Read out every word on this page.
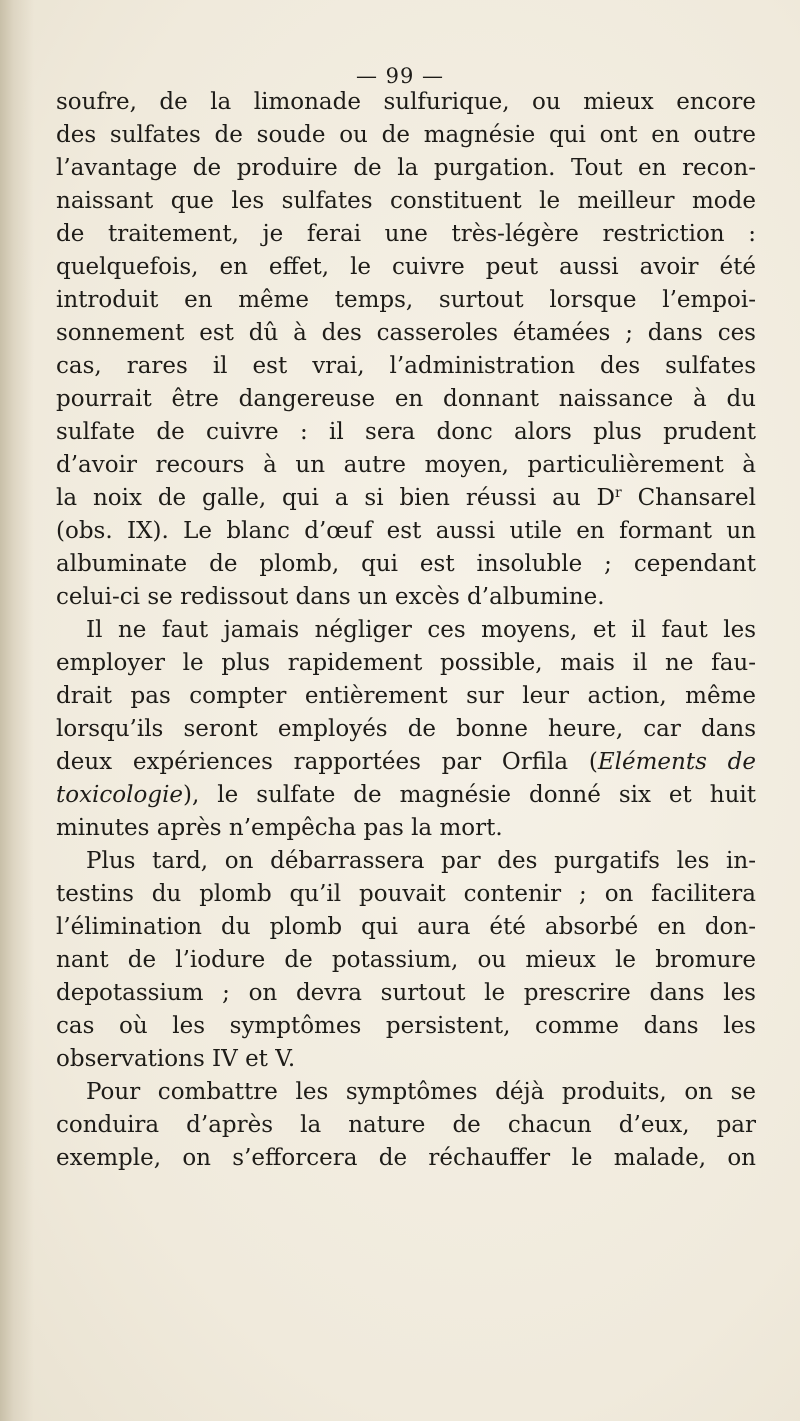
— 99 —

soufre, de la limonade sulfurique, ou mieux encore
des sulfates de soude ou de magnésie qui ont en outre
l’avantage de produire de la purgation. Tout en recon-
naissant que les sulfates constituent le meilleur mode
de traitement, je ferai une très-légère restriction :
quelquefois, en effet, le cuivre peut aussi avoir été
introduit en même temps, surtout lorsque l’empoi-
sonnement est dû à des casseroles étamées ; dans ces
cas, rares il est vrai, l’administration des sulfates
pourrait être dangereuse en donnant naissance à du
sulfate de cuivre : il sera donc alors plus prudent
d’avoir recours à un autre moyen, particulièrement à
la noix de galle, qui a si bien réussi au $D^r$ Chansarel
(obs. IX). Le blanc d’œuf est aussi utile en formant un
albuminate de plomb, qui est insoluble ; cependant
celui-ci se redissout dans un excès d’albumine.

Il ne faut jamais négliger ces moyens, et il faut les
employer le plus rapidement possible, mais il ne fau-
drait pas compter entièrement sur leur action, même
lorsqu’ils seront employés de bonne heure, car dans
deux expériences rapportées par Orfila (Eléments de
toxicologie), le sulfate de magnésie donné six et huit
minutes après n’empêcha pas la mort.

Plus tard, on débarrassera par des purgatifs les in-
testins du plomb qu’il pouvait contenir ; on facilitera
l’élimination du plomb qui aura été absorbé en don-
nant de l’iodure de potassium, ou mieux le bromure
depotassium ; on devra surtout le prescrire dans les
cas où les symptômes persistent, comme dans les
observations IV et V.

Pour combattre les symptômes déjà produits, on se
conduira d’après la nature de chacun d’eux, par
exemple, on s’efforcera de réchauffer le malade, on
